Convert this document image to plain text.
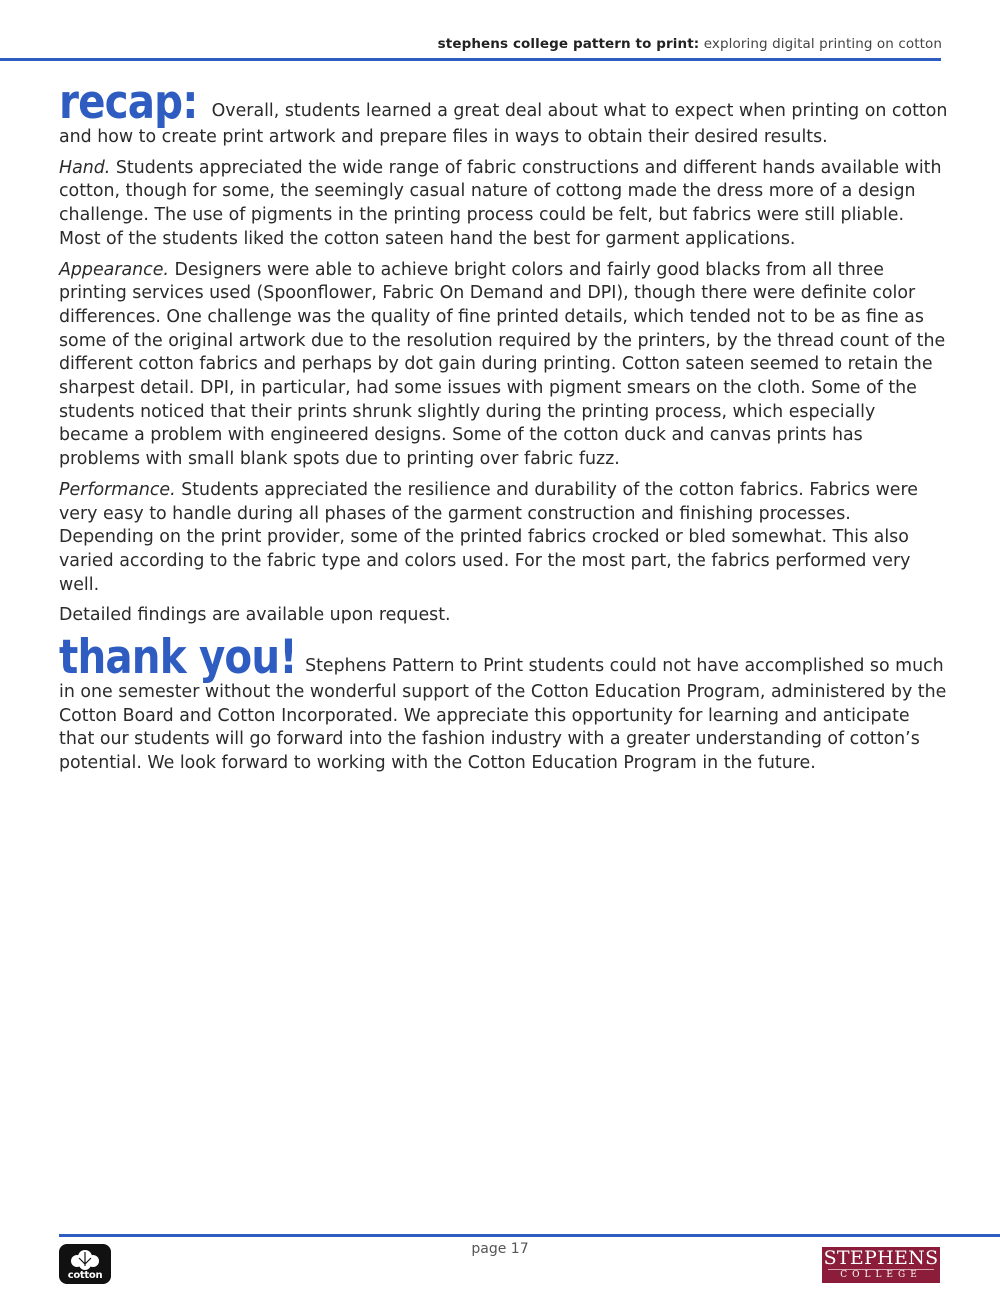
stephens college pattern to print: exploring digital printing on cotton

recap: Overall, students learned a great deal about what to expect when printing on cotton and how to create print artwork and prepare files in ways to obtain their desired results.

Hand. Students appreciated the wide range of fabric constructions and different hands available with cotton, though for some, the seemingly casual nature of cottong made the dress more of a design challenge. The use of pigments in the printing process could be felt, but fabrics were still pliable. Most of the students liked the cotton sateen hand the best for garment applications.

Appearance. Designers were able to achieve bright colors and fairly good blacks from all three printing services used (Spoonflower, Fabric On Demand and DPI), though there were definite color differences. One challenge was the quality of fine printed details, which tended not to be as fine as some of the original artwork due to the resolution required by the printers, by the thread count of the different cotton fabrics and perhaps by dot gain during printing. Cotton sateen seemed to retain the sharpest detail. DPI, in particular, had some issues with pigment smears on the cloth. Some of the students noticed that their prints shrunk slightly during the printing process, which especially became a problem with engineered designs. Some of the cotton duck and canvas prints has problems with small blank spots due to printing over fabric fuzz.

Performance. Students appreciated the resilience and durability of the cotton fabrics. Fabrics were very easy to handle during all phases of the garment construction and finishing processes. Depending on the print provider, some of the printed fabrics crocked or bled somewhat. This also varied according to the fabric type and colors used. For the most part, the fabrics performed very well.

Detailed findings are available upon request.

thank you! Stephens Pattern to Print students could not have accomplished so much in one semester without the wonderful support of the Cotton Education Program, administered by the Cotton Board and Cotton Incorporated. We appreciate this opportunity for learning and anticipate that our students will go forward into the fashion industry with a greater understanding of cotton’s potential. We look forward to working with the Cotton Education Program in the future.

page 17
cotton
STEPHENS
COLLEGE
